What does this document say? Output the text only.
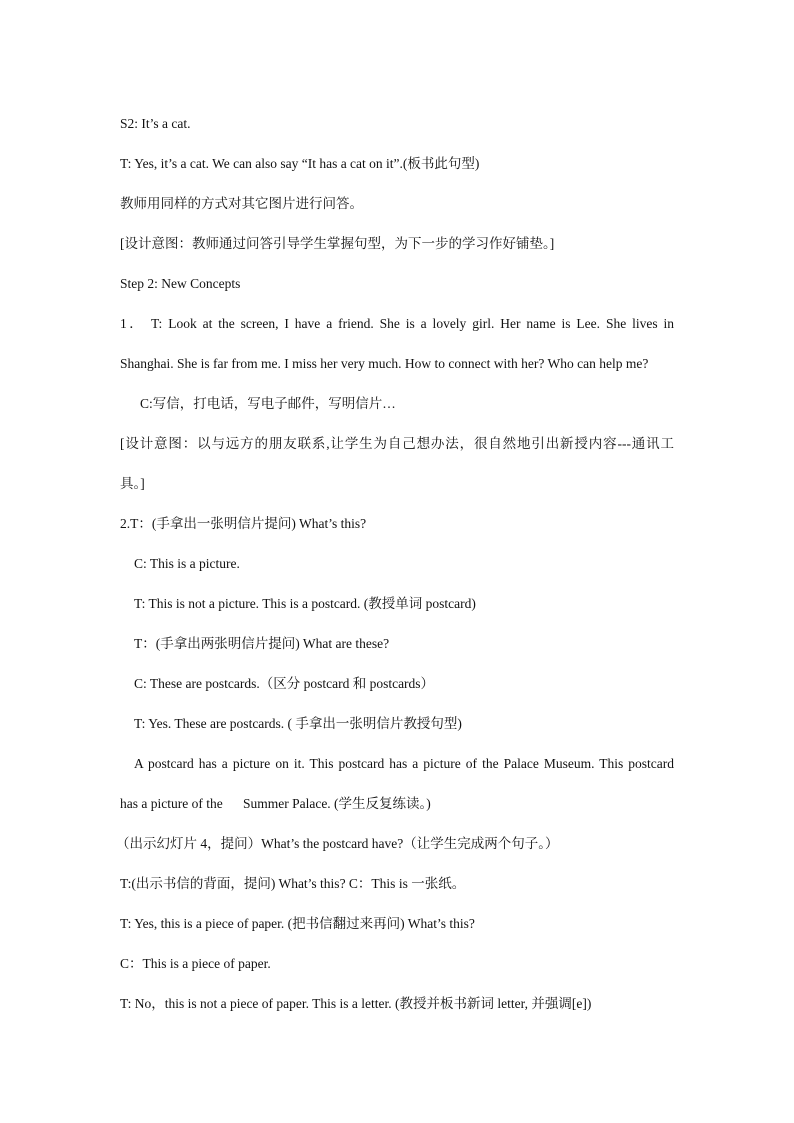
S2: It’s a cat.
T: Yes, it’s a cat. We can also say “It has a cat on it”.(板书此句型)
教师用同样的方式对其它图片进行问答。
[设计意图：教师通过问答引导学生掌握句型，为下一步的学习作好铺垫。]
Step 2: New Concepts
1． T: Look at the screen, I have a friend. She is a lovely girl. Her name is Lee. She lives in
Shanghai. She is far from me. I miss her very much. How to connect with her? Who can help me?
C:写信，打电话，写电子邮件，写明信片…
[设计意图：以与远方的朋友联系,让学生为自己想办法，很自然地引出新授内容---通讯工
具。]
2.T：(手拿出一张明信片提问) What’s this?
C: This is a picture.
T: This is not a picture. This is a postcard. (教授单词 postcard)
T：(手拿出两张明信片提问) What are these?
C: These are postcards.（区分 postcard 和 postcards）
T: Yes. These are postcards. ( 手拿出一张明信片教授句型)
A postcard has a picture on it. This postcard has a picture of the Palace Museum. This postcard
has a picture of the      Summer Palace. (学生反复练读。)
（出示幻灯片 4，提问）What’s the postcard have?（让学生完成两个句子。）
T:(出示书信的背面，提问) What’s this? C：This is 一张纸。
T: Yes, this is a piece of paper. (把书信翻过来再问) What’s this?
C：This is a piece of paper.
T: No，this is not a piece of paper. This is a letter. (教授并板书新词 letter, 并强调[e])
